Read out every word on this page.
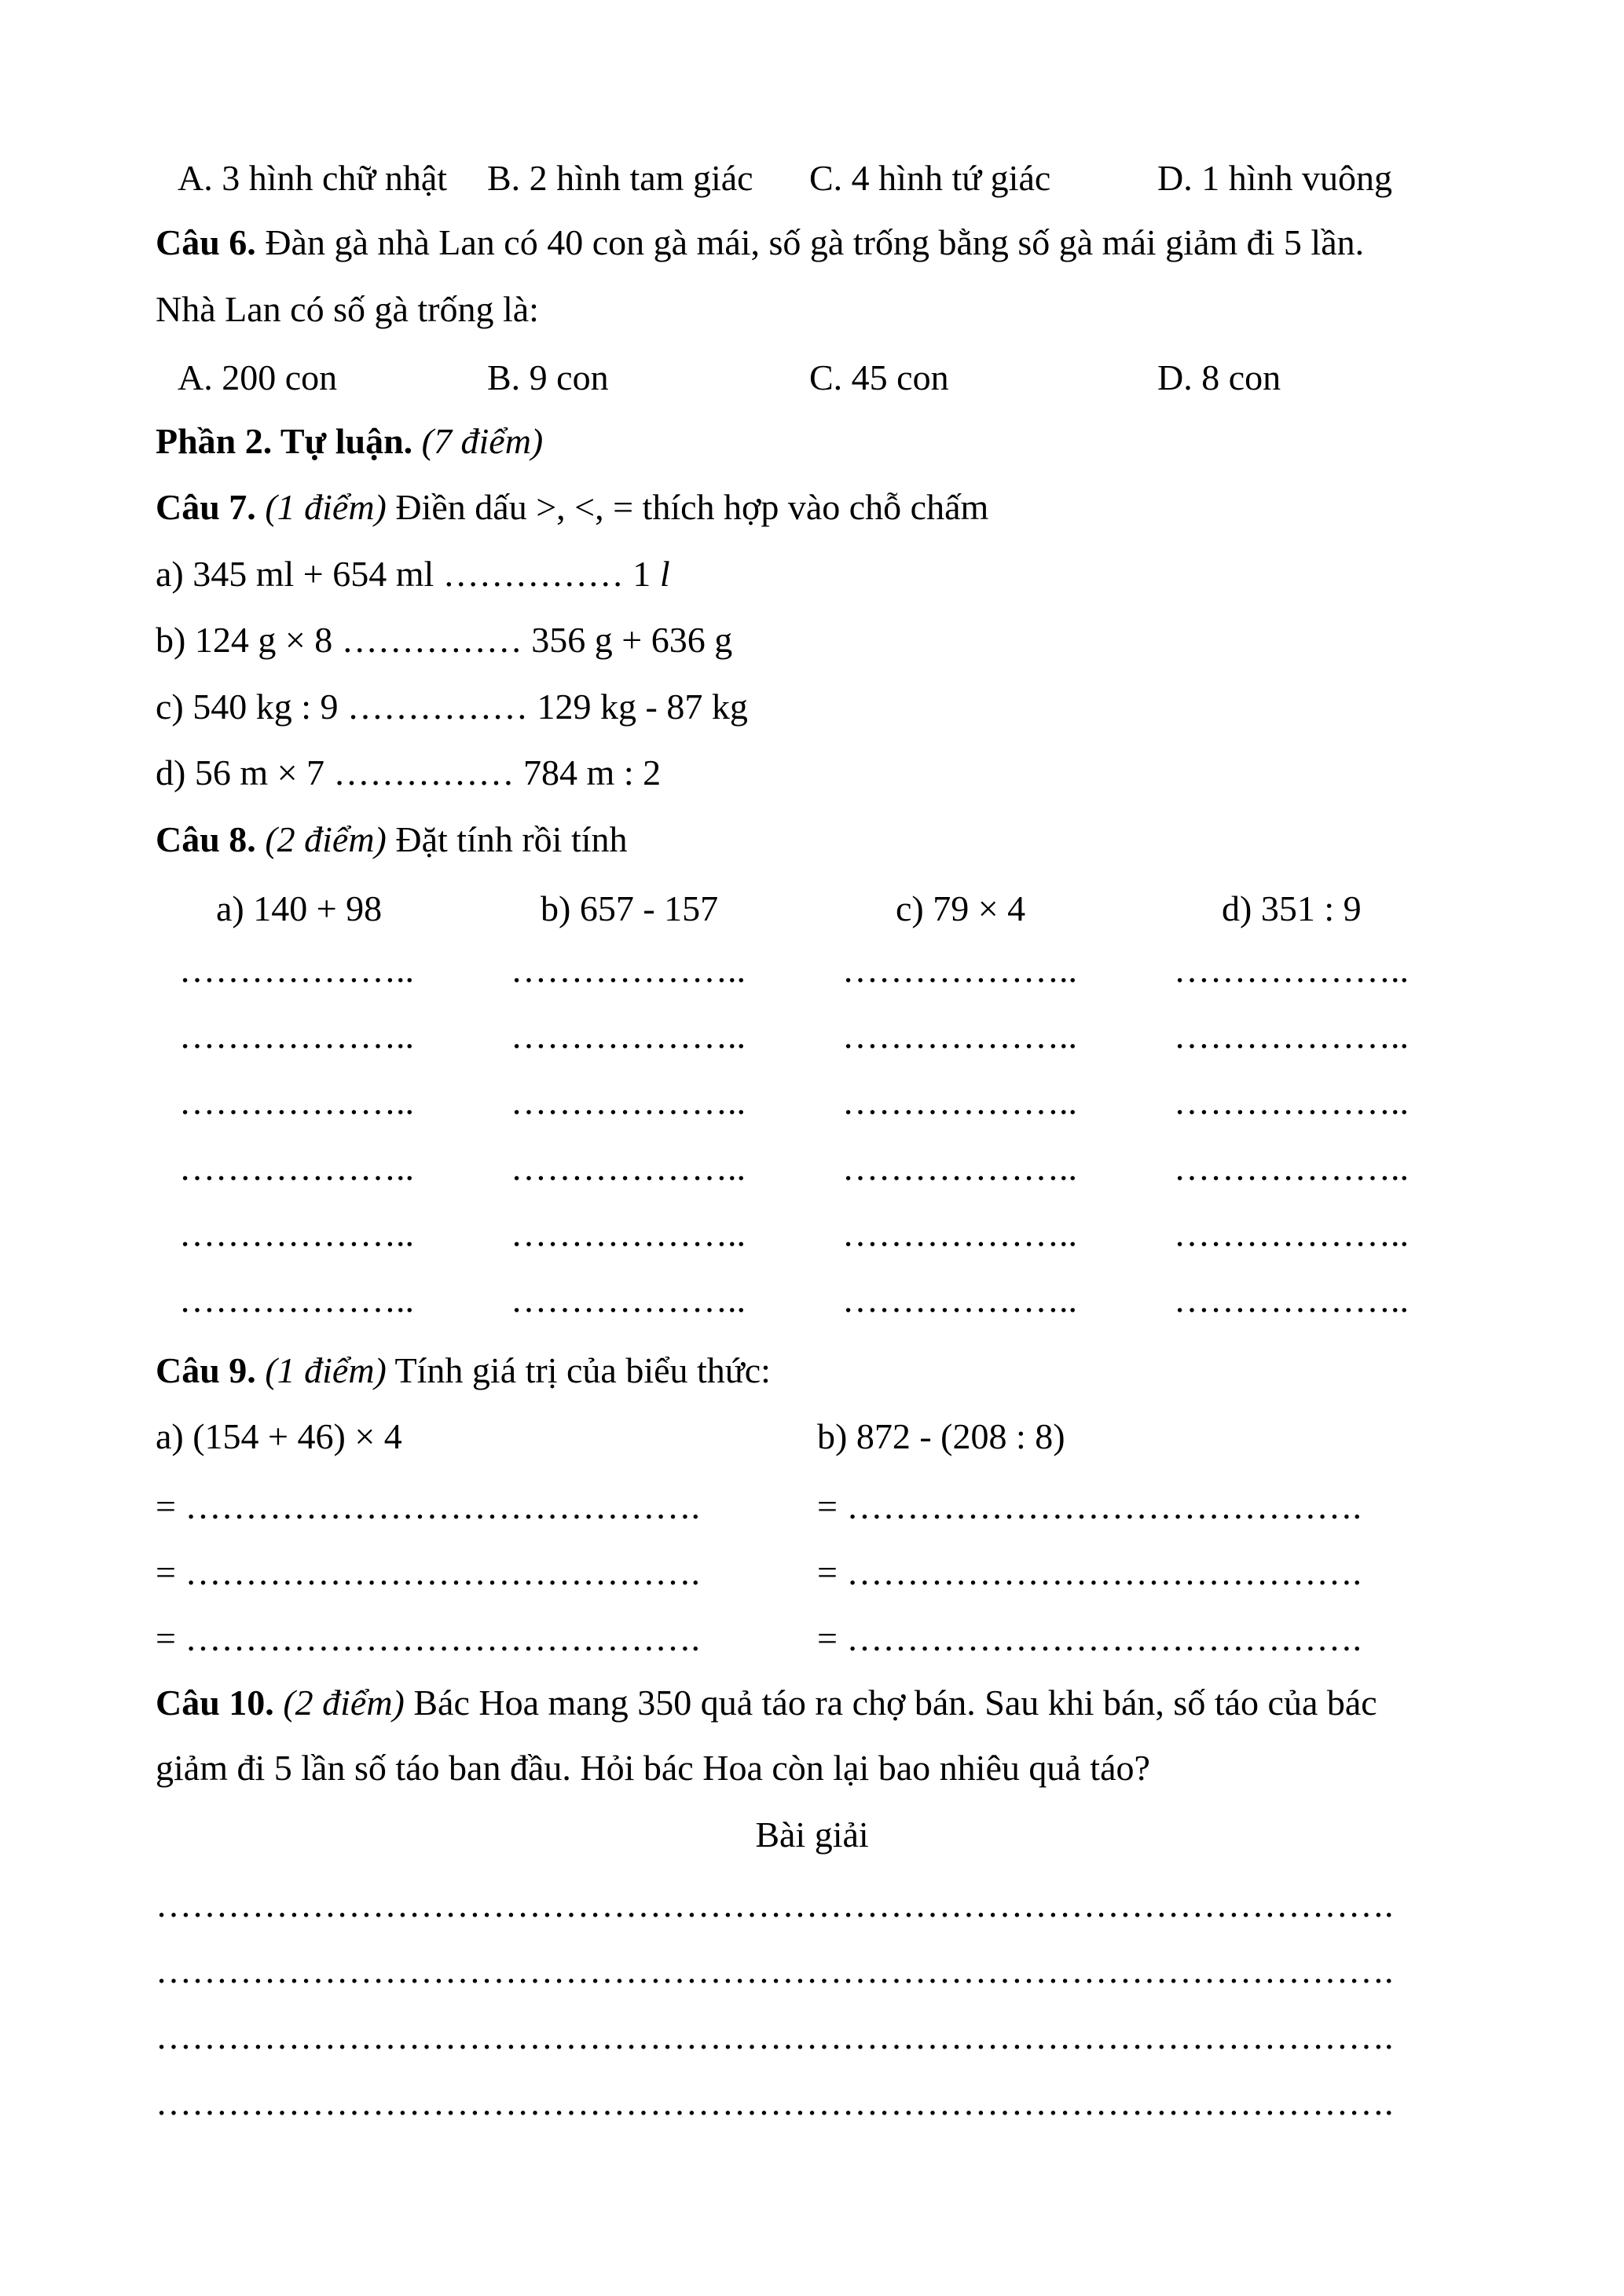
A. 3 hình chữ nhật B. 2 hình tam giác C. 4 hình tứ giác	D. 1 hình vuông
Câu 6. Đàn gà nhà Lan có 40 con gà mái, số gà trống bằng số gà mái giảm đi 5 lần.
Nhà Lan có số gà trống là:
A. 200 con	B. 9 con	C. 45 con	D. 8 con
Phần 2. Tự luận. (7 điểm)
Câu 7. (1 điểm) Điền dấu >, <, = thích hợp vào chỗ chấm
a) 345 ml + 654 ml …………… 1 l
b) 124 g × 8 …………… 356 g + 636 g
c) 540 kg : 9 …………… 129 kg - 87 kg
d) 56 m × 7 …………… 784 m : 2
Câu 8. (2 điểm) Đặt tính rồi tính
a) 140 + 98	b) 657 - 157	c) 79 × 4	d) 351 : 9
………………..	………………..	………………..	………………..
………………..	………………..	………………..	………………..
………………..	………………..	………………..	………………..
………………..	………………..	………………..	………………..
………………..	………………..	………………..	………………..
………………..	………………..	………………..	………………..
Câu 9. (1 điểm) Tính giá trị của biểu thức:
a) (154 + 46) × 4	b) 872 - (208 : 8)
= …………………………………….	= …………………………………….
= …………………………………….	= …………………………………….
= …………………………………….	= …………………………………….
Câu 10. (2 điểm) Bác Hoa mang 350 quả táo ra chợ bán. Sau khi bán, số táo của bác
giảm đi 5 lần số táo ban đầu. Hỏi bác Hoa còn lại bao nhiêu quả táo?
Bài giải
………………………………………………………………………………………….
………………………………………………………………………………………….
………………………………………………………………………………………….
………………………………………………………………………………………….
